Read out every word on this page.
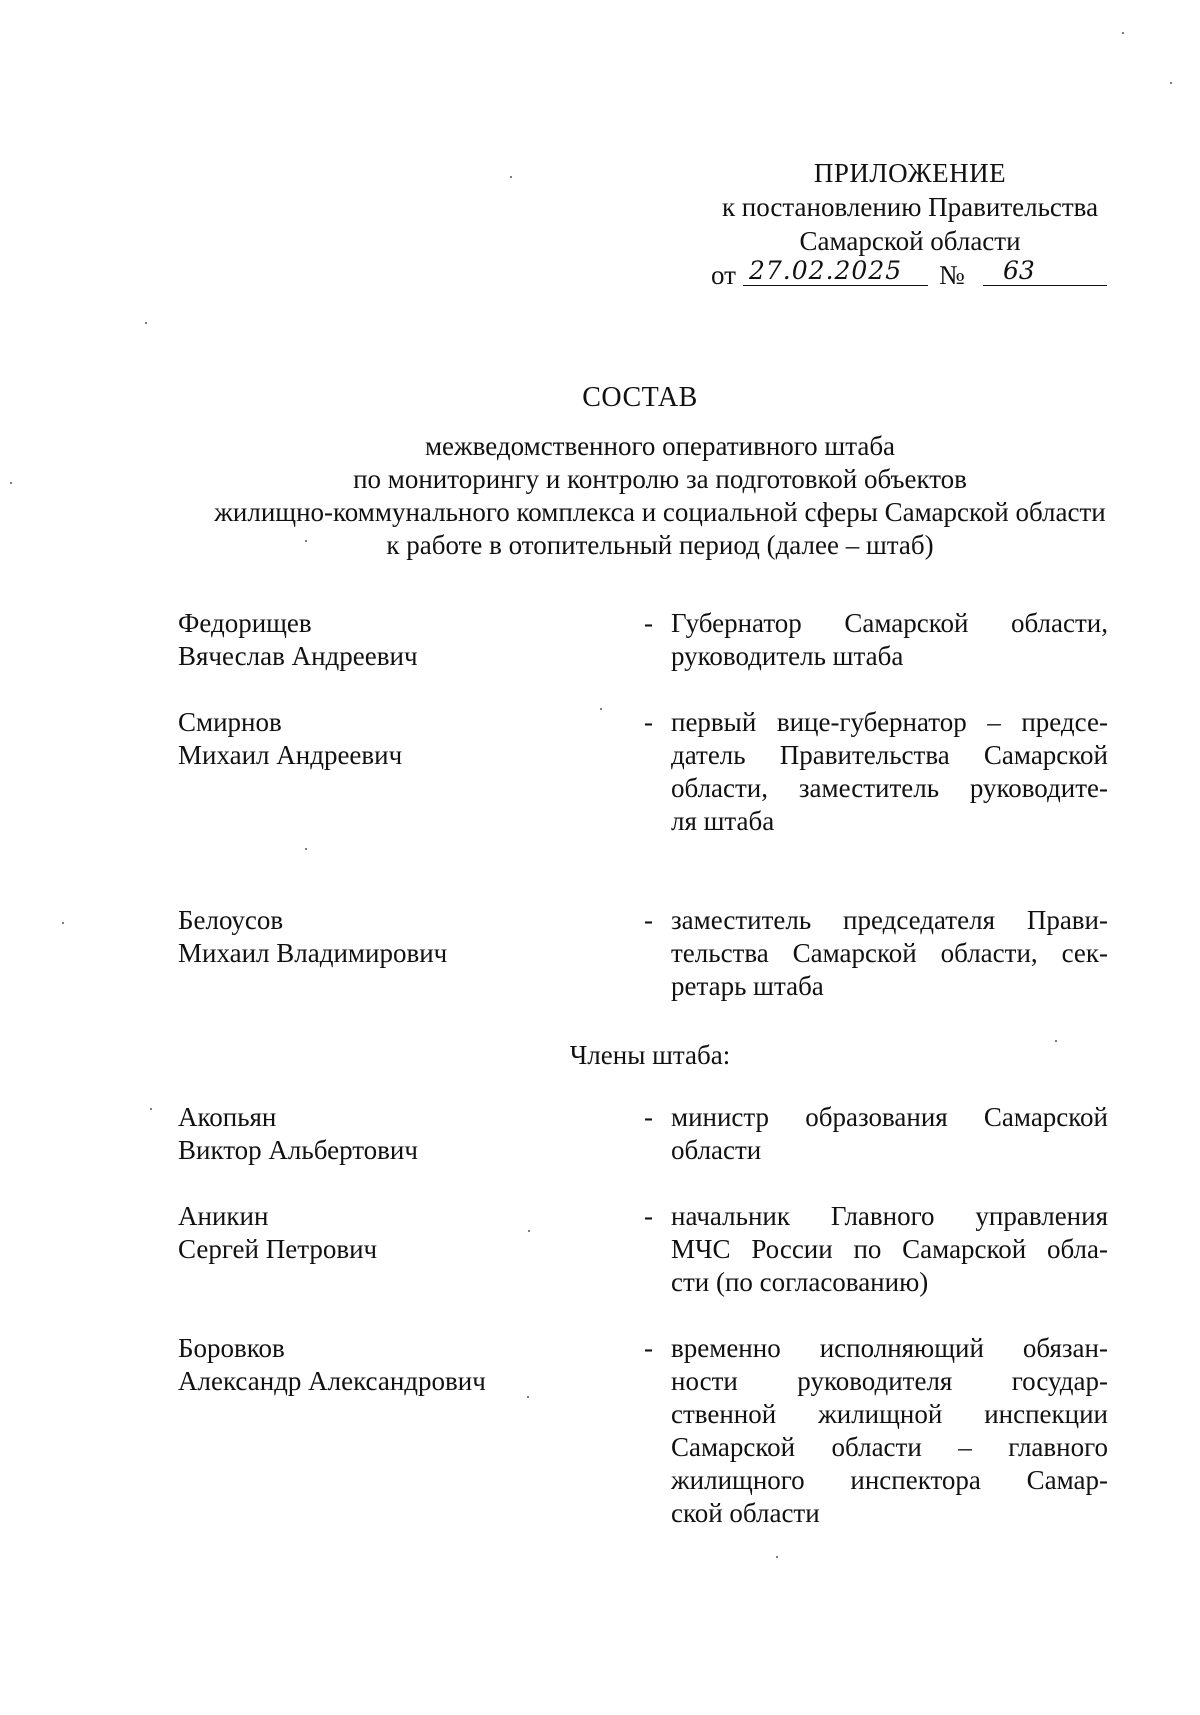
ПРИЛОЖЕНИЕ
к постановлению Правительства
Самарской области
от 27.02.2025	№	63
СОСТАВ
межведомственного оперативного штаба
по мониторингу и контролю за подготовкой объектов
жилищно-коммунального комплекса и социальной сферы Самарской области
к работе в отопительный период (далее – штаб)
Федорищев
Вячеслав Андреевич
- Губернатор Самарской области,
руководитель штаба
Смирнов
Михаил Андреевич
- первый вице-губернатор – предсе-
датель Правительства Самарской
области, заместитель руководите-
ля штаба
Белоусов
Михаил Владимирович
- заместитель председателя Прави-
тельства Самарской области, сек-
ретарь штаба
Члены штаба:
Акопьян
Виктор Альбертович
- министр образования Самарской
области
Аникин
Сергей Петрович
- начальник Главного управления
МЧС России по Самарской обла-
сти (по согласованию)
Боровков
Александр Александрович
- временно исполняющий обязан-
ности руководителя государ-
ственной жилищной инспекции
Самарской области – главного
жилищного инспектора Самар-
ской области
